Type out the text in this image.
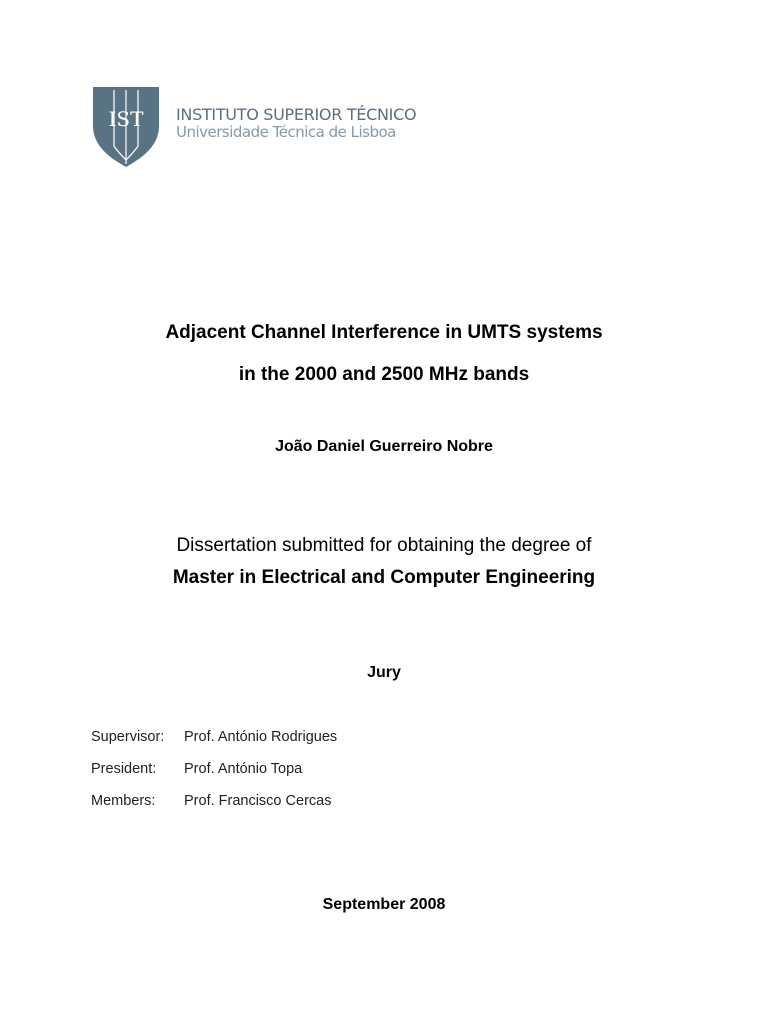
IST INSTITUTO SUPERIOR TÉCNICO
Universidade Técnica de Lisboa
Adjacent Channel Interference in UMTS systems
in the 2000 and 2500 MHz bands
João Daniel Guerreiro Nobre
Dissertation submitted for obtaining the degree of
Master in Electrical and Computer Engineering
Jury
Supervisor: Prof. António Rodrigues
President: Prof. António Topa
Members: Prof. Francisco Cercas
September 2008
